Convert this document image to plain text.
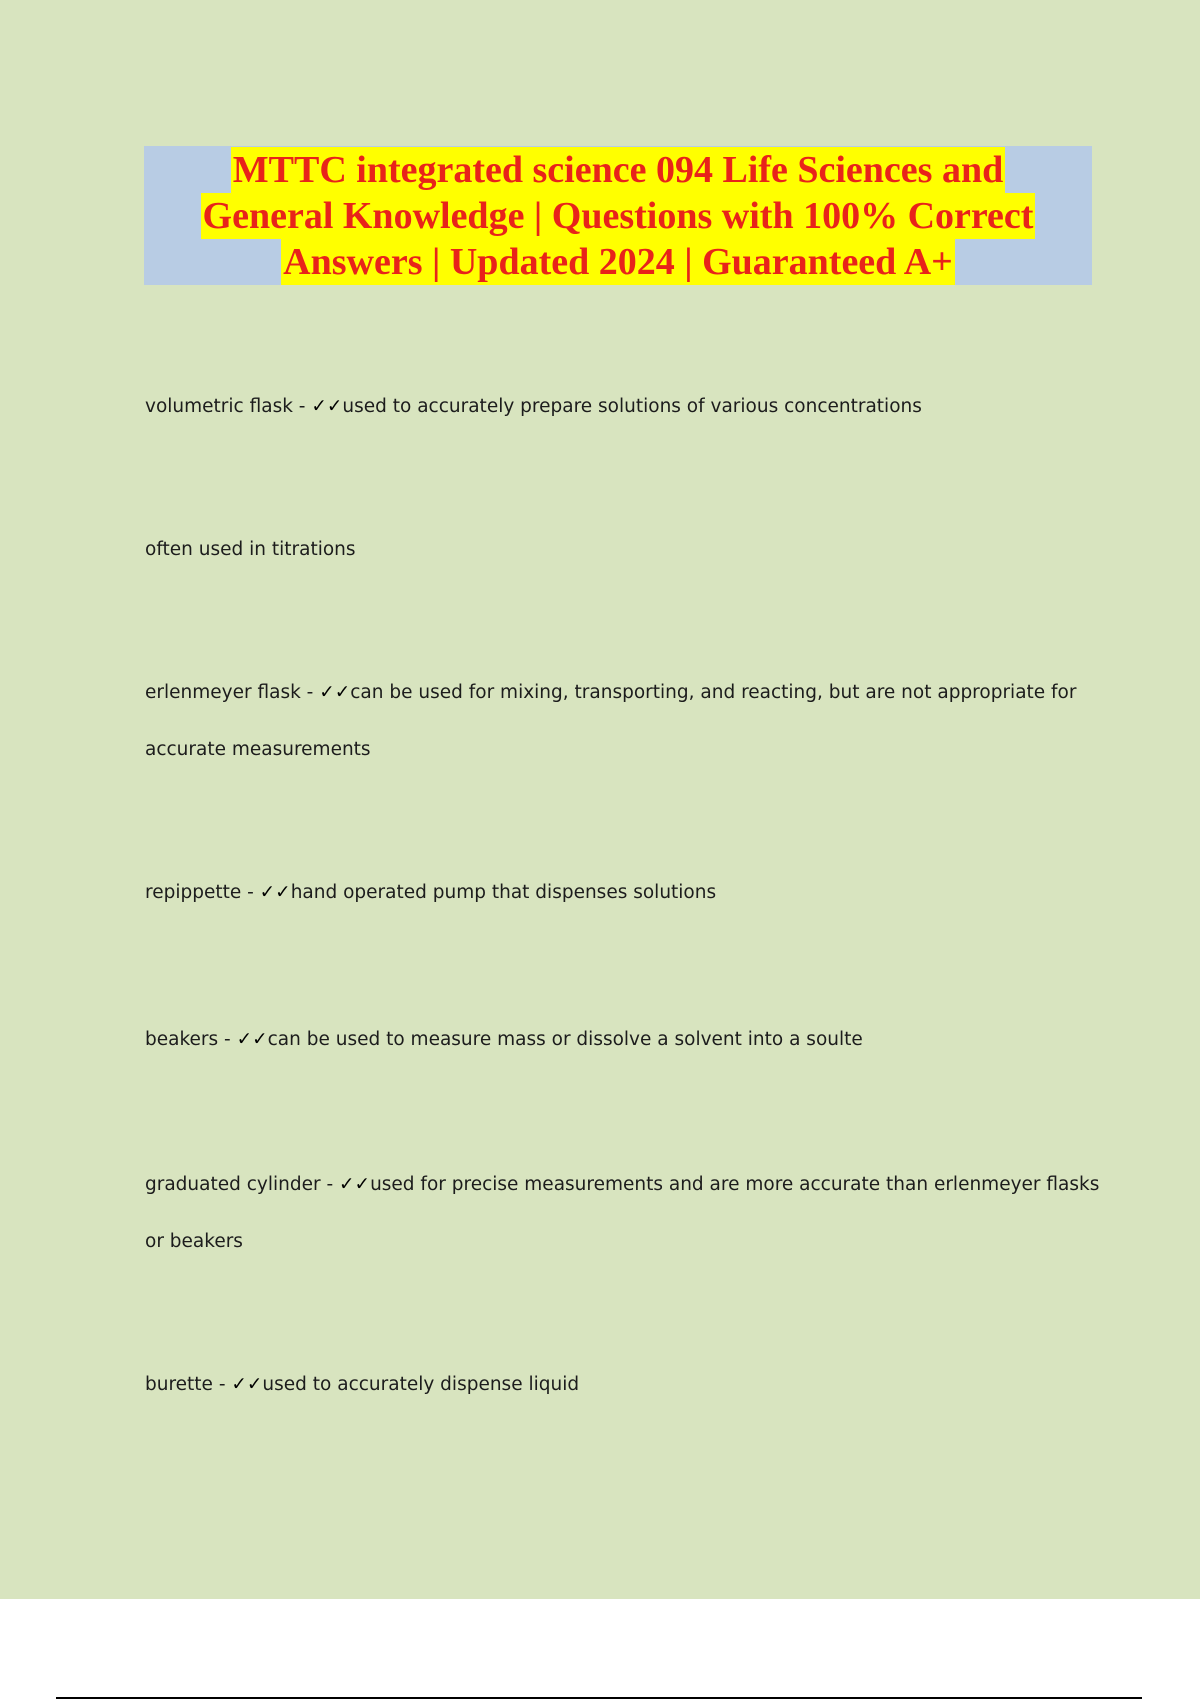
MTTC integrated science 094 Life Sciences and
General Knowledge | Questions with 100% Correct
Answers | Updated 2024 | Guaranteed A+
volumetric flask - ✓✓used to accurately prepare solutions of various concentrations
often used in titrations
erlenmeyer flask - ✓✓can be used for mixing, transporting, and reacting, but are not appropriate for
accurate measurements
repippette - ✓✓hand operated pump that dispenses solutions
beakers - ✓✓can be used to measure mass or dissolve a solvent into a soulte
graduated cylinder - ✓✓used for precise measurements and are more accurate than erlenmeyer flasks
or beakers
burette - ✓✓used to accurately dispense liquid
